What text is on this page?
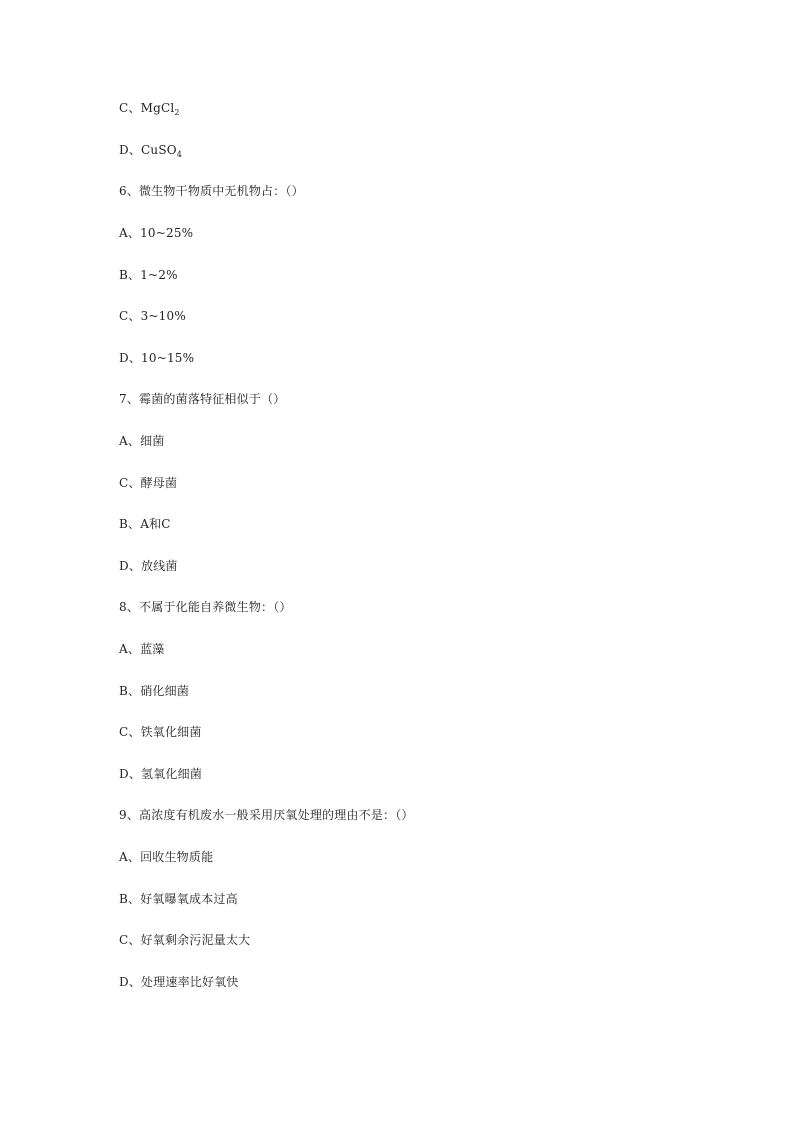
C、MgCl$_2$
D、CuSO$_4$
6、微生物干物质中无机物占：（）
A、10~25%
B、1~2%
C、3~10%
D、10~15%
7、霉菌的菌落特征相似于（）
A、细菌
C、酵母菌
B、A和C
D、放线菌
8、不属于化能自养微生物：（）
A、蓝藻
B、硝化细菌
C、铁氧化细菌
D、氢氧化细菌
9、高浓度有机废水一般采用厌氧处理的理由不是：（）
A、回收生物质能
B、好氧曝氧成本过高
C、好氧剩余污泥量太大
D、处理速率比好氧快
